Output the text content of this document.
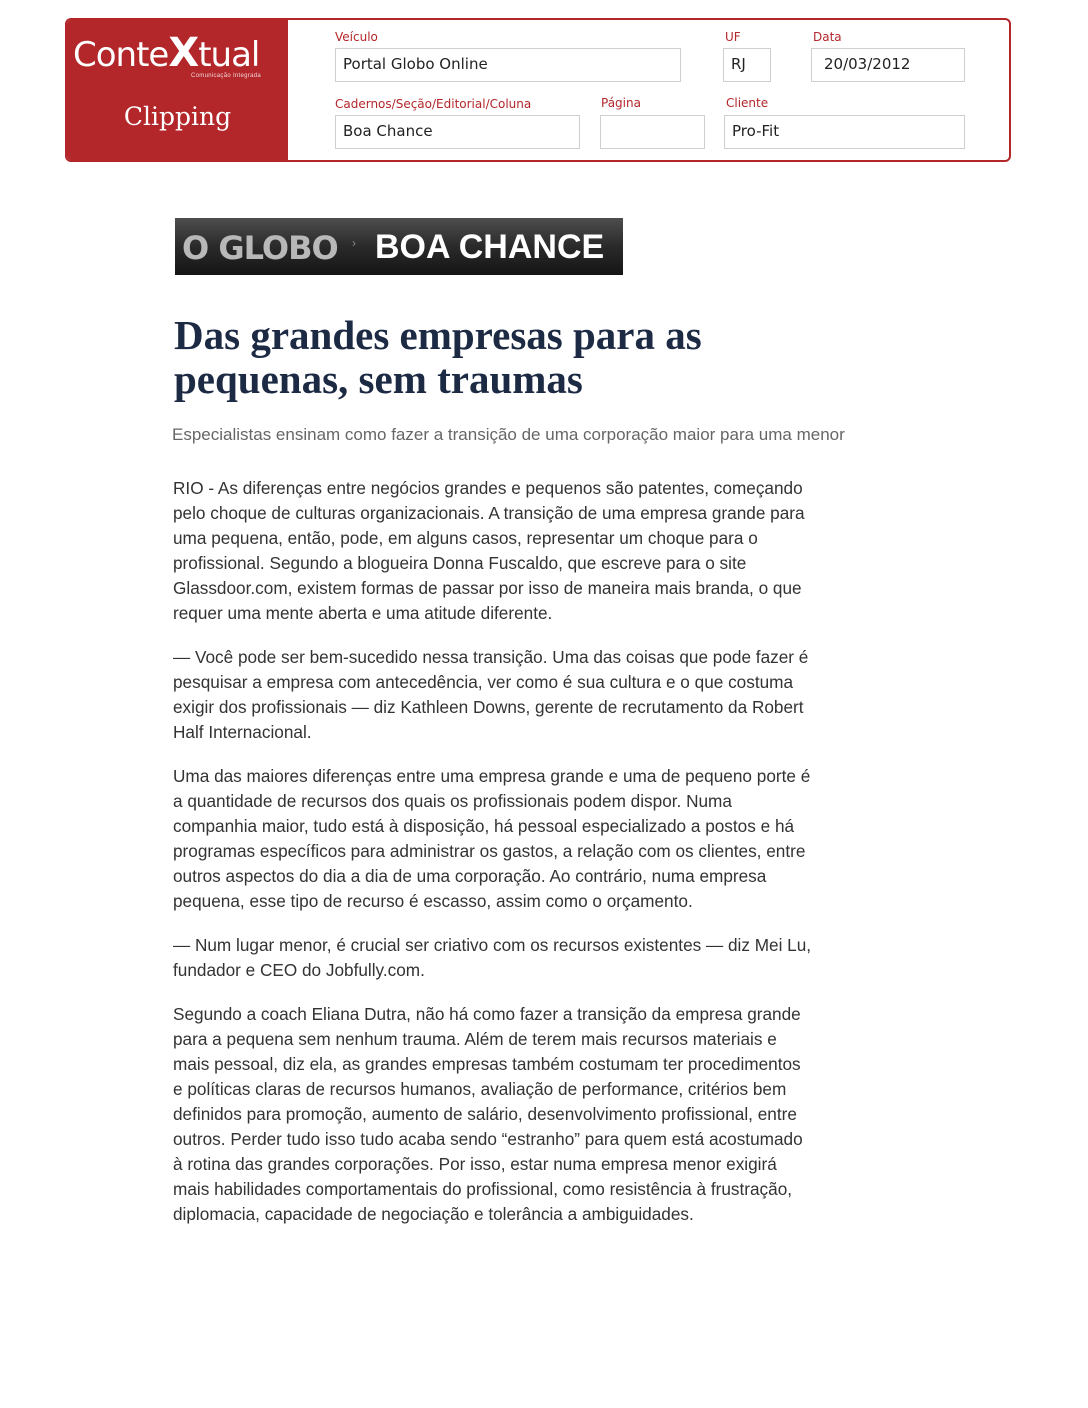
ConteXtual
Comunicação Integrada
Clipping
Veículo
Portal Globo Online
UF
RJ
Data
20/03/2012
Cadernos/Seção/Editorial/Coluna
Boa Chance
Página	Cliente
Pro-Fit
O GLOBO › BOA CHANCE
Das grandes empresas para as pequenas, sem traumas

Especialistas ensinam como fazer a transição de uma corporação maior para uma menor

RIO - As diferenças entre negócios grandes e pequenos são patentes, começando pelo choque de culturas organizacionais. A transição de uma empresa grande para uma pequena, então, pode, em alguns casos, representar um choque para o profissional. Segundo a blogueira Donna Fuscaldo, que escreve para o site Glassdoor.com, existem formas de passar por isso de maneira mais branda, o que requer uma mente aberta e uma atitude diferente.

— Você pode ser bem-sucedido nessa transição. Uma das coisas que pode fazer é pesquisar a empresa com antecedência, ver como é sua cultura e o que costuma exigir dos profissionais — diz Kathleen Downs, gerente de recrutamento da Robert Half Internacional.

Uma das maiores diferenças entre uma empresa grande e uma de pequeno porte é a quantidade de recursos dos quais os profissionais podem dispor. Numa companhia maior, tudo está à disposição, há pessoal especializado a postos e há programas específicos para administrar os gastos, a relação com os clientes, entre outros aspectos do dia a dia de uma corporação. Ao contrário, numa empresa pequena, esse tipo de recurso é escasso, assim como o orçamento.

— Num lugar menor, é crucial ser criativo com os recursos existentes — diz Mei Lu, fundador e CEO do Jobfully.com.

Segundo a coach Eliana Dutra, não há como fazer a transição da empresa grande para a pequena sem nenhum trauma. Além de terem mais recursos materiais e mais pessoal, diz ela, as grandes empresas também costumam ter procedimentos e políticas claras de recursos humanos, avaliação de performance, critérios bem definidos para promoção, aumento de salário, desenvolvimento profissional, entre outros. Perder tudo isso tudo acaba sendo “estranho” para quem está acostumado à rotina das grandes corporações. Por isso, estar numa empresa menor exigirá mais habilidades comportamentais do profissional, como resistência à frustração, diplomacia, capacidade de negociação e tolerância a ambiguidades.
